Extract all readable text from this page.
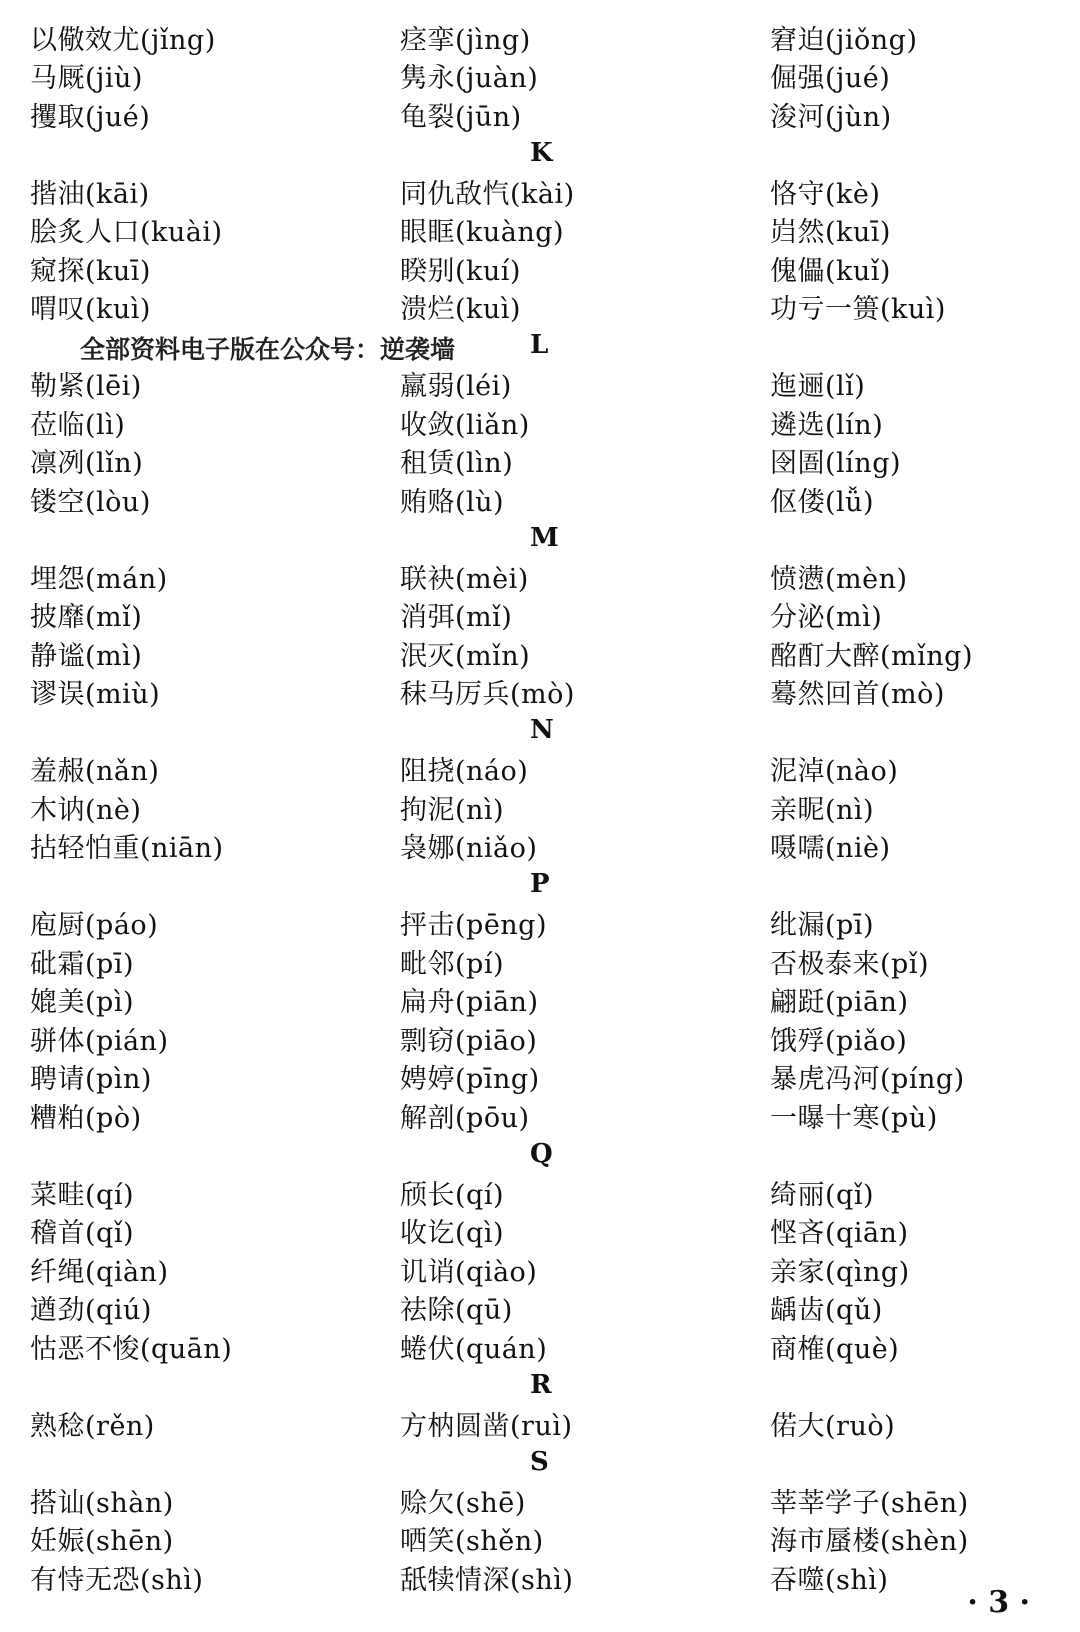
以儆效尤(jǐng)	痉挛(jìng)	窘迫(jiǒng)
马厩(jiù)	隽永(juàn)	倔强(jué)
攫取(jué)	龟裂(jūn)	浚河(jùn)
K
揩油(kāi)	同仇敌忾(kài)	恪守(kè)
脍炙人口(kuài)	眼眶(kuàng)	岿然(kuī)
窥探(kuī)	睽别(kuí)	傀儡(kuǐ)
喟叹(kuì)	溃烂(kuì)	功亏一篑(kuì)
全部资料电子版在公众号：逆袭墙	L
勒紧(lēi)	羸弱(léi)	迤逦(lǐ)
莅临(lì)	收敛(liǎn)	遴选(lín)
凛冽(lǐn)	租赁(lìn)	囹圄(líng)
镂空(lòu)	贿赂(lù)	伛偻(lǚ)
M
埋怨(mán)	联袂(mèi)	愤懑(mèn)
披靡(mǐ)	消弭(mǐ)	分泌(mì)
静谧(mì)	泯灭(mǐn)	酩酊大醉(mǐng)
谬误(miù)	秣马厉兵(mò)	蓦然回首(mò)
N
羞赧(nǎn)	阻挠(náo)	泥淖(nào)
木讷(nè)	拘泥(nì)	亲昵(nì)
拈轻怕重(niān)	袅娜(niǎo)	嗫嚅(niè)
P
庖厨(páo)	抨击(pēng)	纰漏(pī)
砒霜(pī)	毗邻(pí)	否极泰来(pǐ)
媲美(pì)	扁舟(piān)	翩跹(piān)
骈体(pián)	剽窃(piāo)	饿殍(piǎo)
聘请(pìn)	娉婷(pīng)	暴虎冯河(píng)
糟粕(pò)	解剖(pōu)	一曝十寒(pù)
Q
菜畦(qí)	颀长(qí)	绮丽(qǐ)
稽首(qǐ)	收讫(qì)	悭吝(qiān)
纤绳(qiàn)	讥诮(qiào)	亲家(qìng)
遒劲(qiú)	祛除(qū)	龋齿(qǔ)
怙恶不悛(quān)	蜷伏(quán)	商榷(què)
R
熟稔(rěn)	方枘圆凿(ruì)	偌大(ruò)
S
搭讪(shàn)	赊欠(shē)	莘莘学子(shēn)
妊娠(shēn)	哂笑(shěn)	海市蜃楼(shèn)
有恃无恐(shì)	舐犊情深(shì)	吞噬(shì)
· 3 ·
